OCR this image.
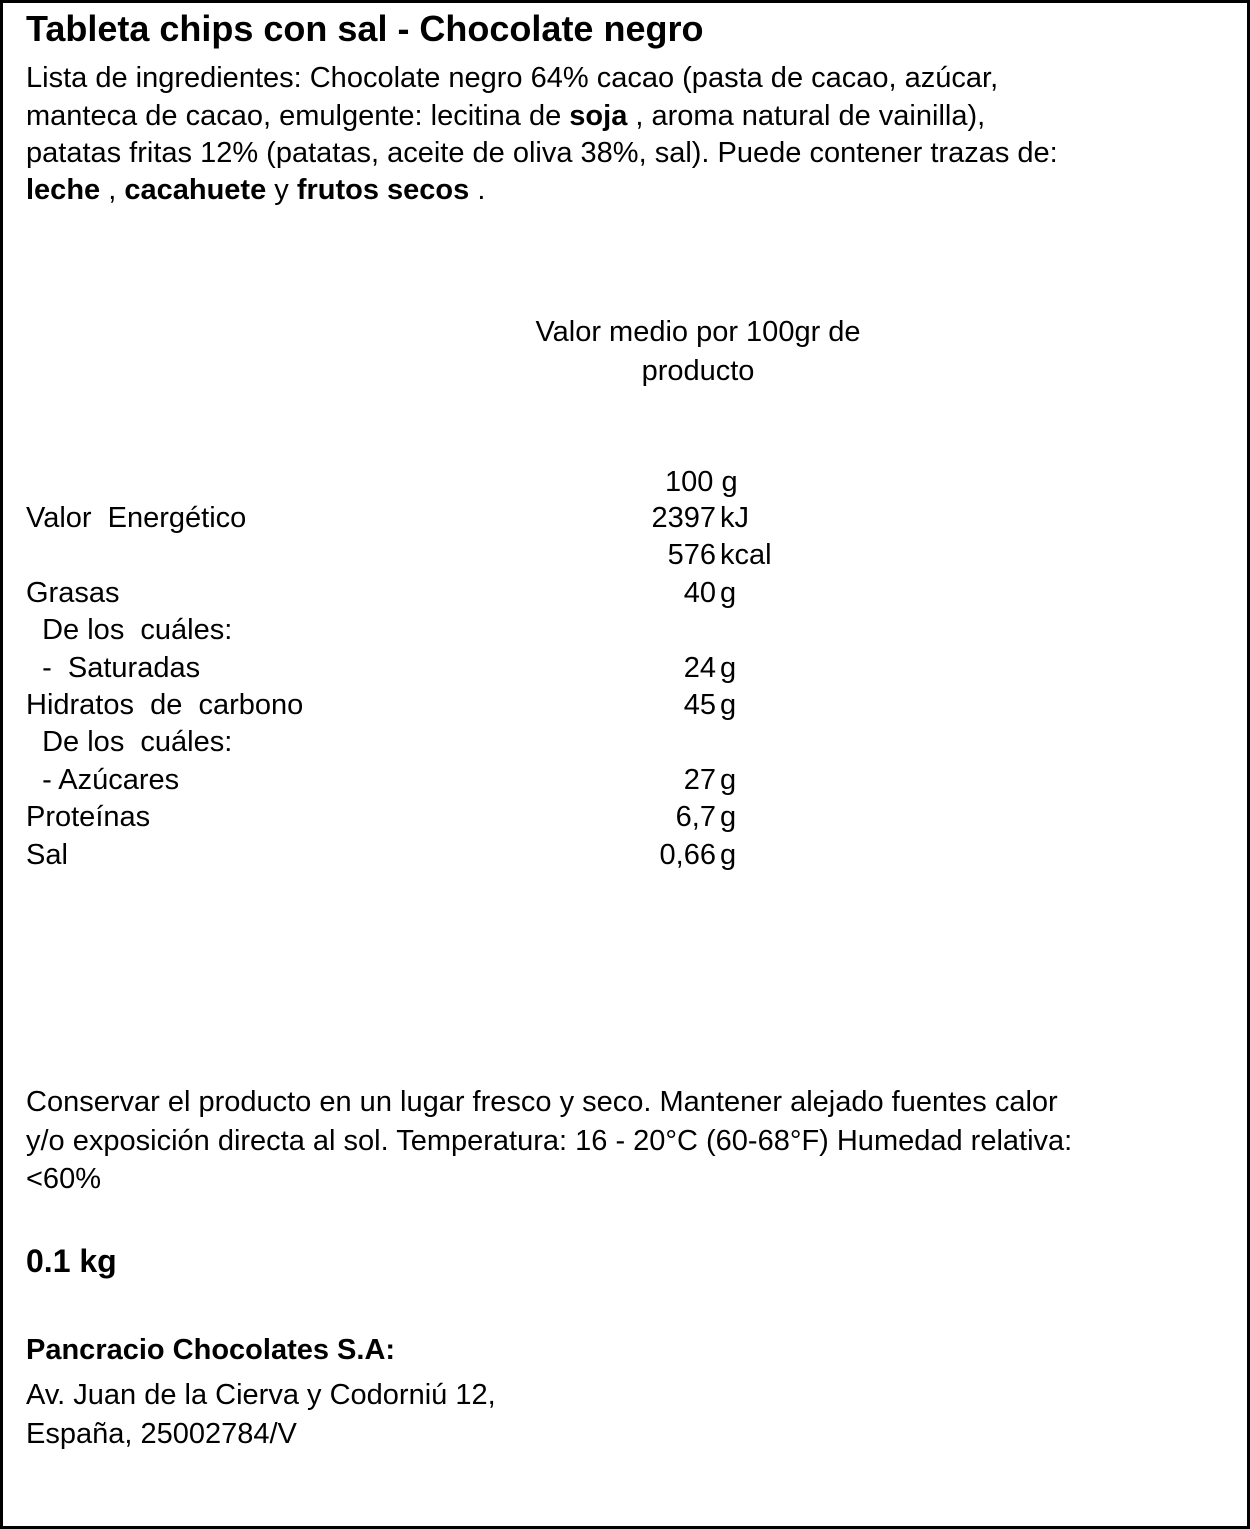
Tableta chips con sal - Chocolate negro
Lista de ingredientes: Chocolate negro 64% cacao (pasta de cacao, azúcar,
manteca de cacao, emulgente: lecitina de soja , aroma natural de vainilla),
patatas fritas 12% (patatas, aceite de oliva 38%, sal). Puede contener trazas de:
leche , cacahuete y frutos secos .
Valor medio por 100gr de
producto
100 g
Valor  Energético	2397 kJ
576 kcal
Grasas	40 g
De los  cuáles:
-  Saturadas	24 g
Hidratos  de  carbono	45 g
De los  cuáles:
- Azúcares	27 g
Proteínas	6,7 g
Sal	0,66 g
Conservar el producto en un lugar fresco y seco. Mantener alejado fuentes calor
y/o exposición directa al sol. Temperatura: 16 - 20°C (60-68°F) Humedad relativa:
<60%
0.1 kg
Pancracio Chocolates S.A:
Av. Juan de la Cierva y Codorniú 12,
España, 25002784/V
